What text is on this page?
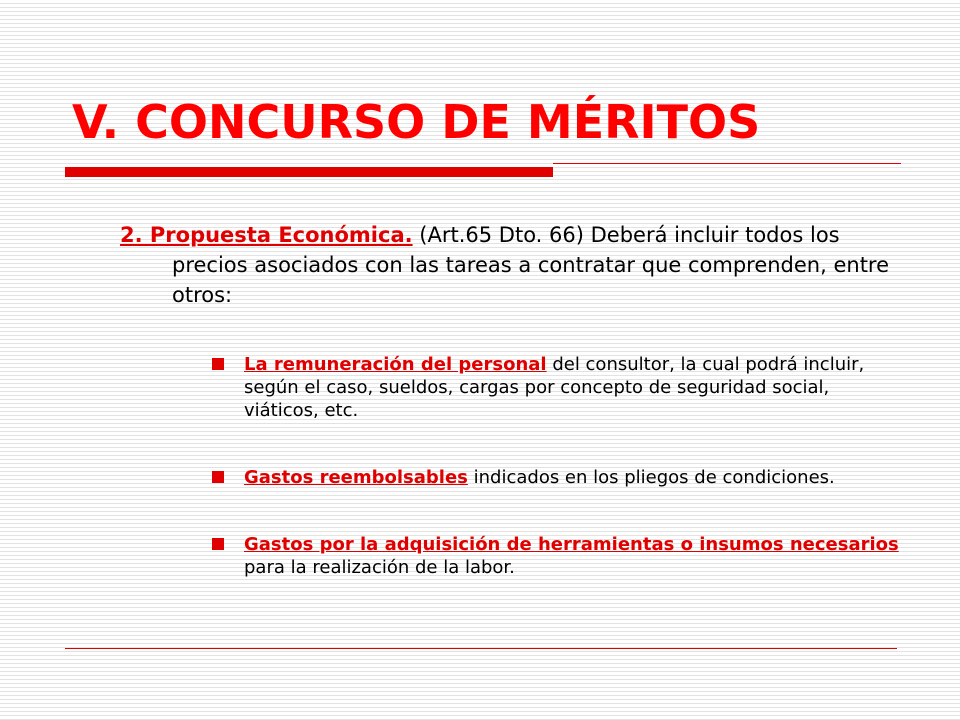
V. CONCURSO DE MÉRITOS
2. Propuesta Económica. (Art.65 Dto. 66) Deberá incluir todos los precios asociados con las tareas a contratar que comprenden, entre otros:
La remuneración del personal del consultor, la cual podrá incluir, según el caso, sueldos, cargas por concepto de seguridad social, viáticos, etc.
Gastos reembolsables indicados en los pliegos de condiciones.
Gastos por la adquisición de herramientas o insumos necesarios para la realización de la labor.
